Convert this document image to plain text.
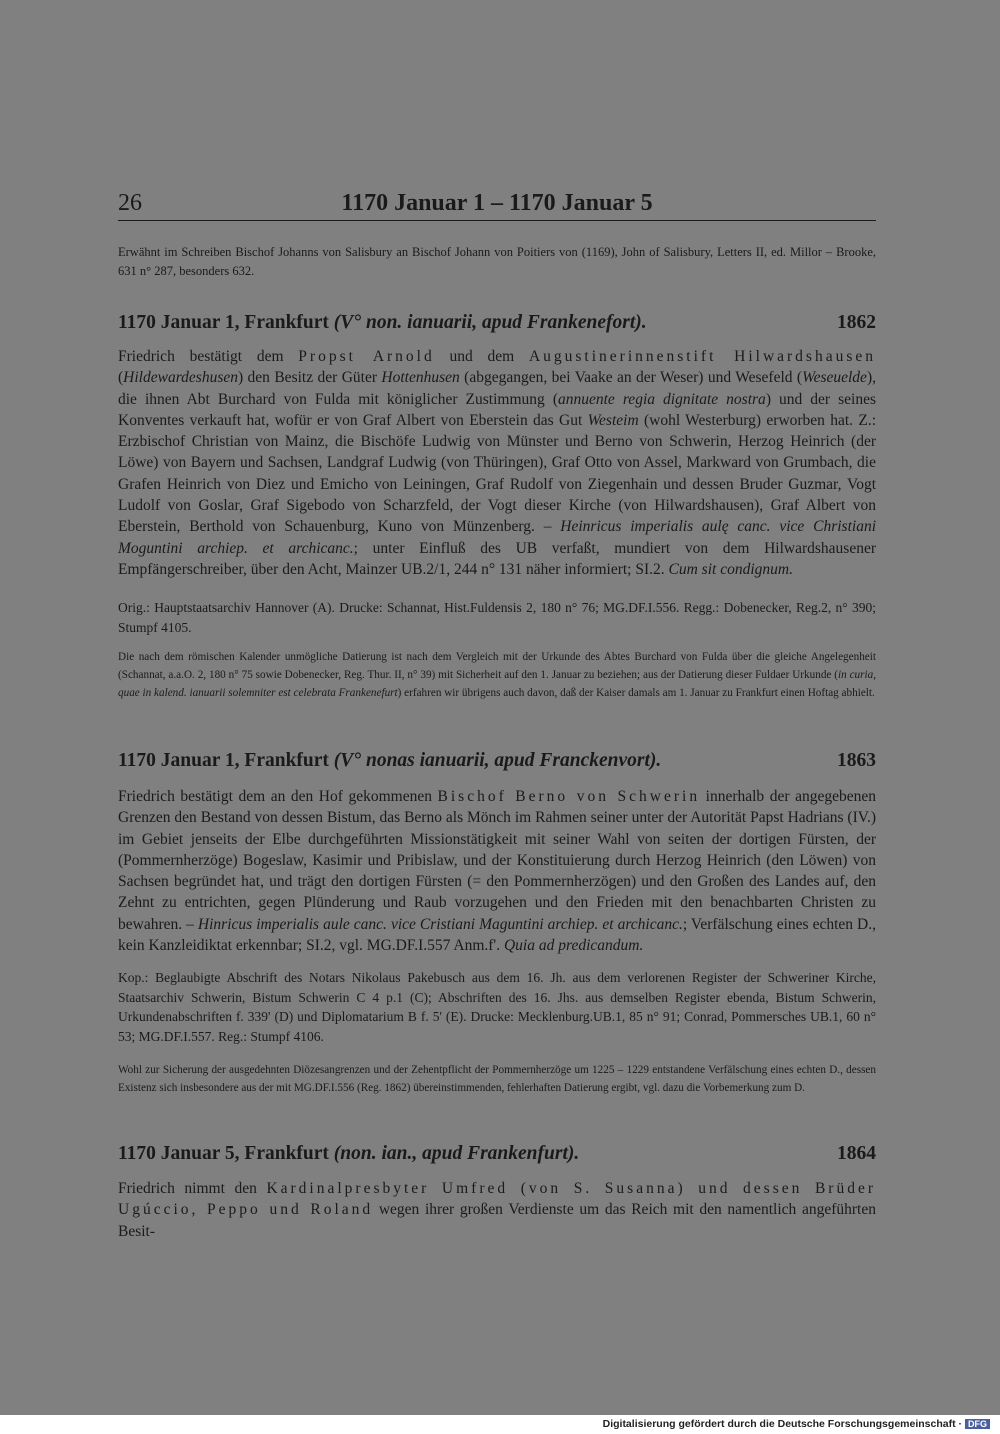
26	1170 Januar 1 – 1170 Januar 5
Erwähnt im Schreiben Bischof Johanns von Salisbury an Bischof Johann von Poitiers von (1169), John of Salisbury, Letters II, ed. Millor – Brooke, 631 n° 287, besonders 632.
1170 Januar 1, Frankfurt (V° non. ianuarii, apud Frankenefort).	1862
Friedrich bestätigt dem Propst Arnold und dem Augustinerinnenstift Hilwardshausen (Hildewardeshusen) den Besitz der Güter Hottenhusen (abgegangen, bei Vaake an der Weser) und Wesefeld (Weseuelde), die ihnen Abt Burchard von Fulda mit königlicher Zustimmung (annuente regia dignitate nostra) und der seines Konventes verkauft hat, wofür er von Graf Albert von Eberstein das Gut Westeim (wohl Westerburg) erworben hat. Z.: Erzbischof Christian von Mainz, die Bischöfe Ludwig von Münster und Berno von Schwerin, Herzog Heinrich (der Löwe) von Bayern und Sachsen, Landgraf Ludwig (von Thüringen), Graf Otto von Assel, Markward von Grumbach, die Grafen Heinrich von Diez und Emicho von Leiningen, Graf Rudolf von Ziegenhain und dessen Bruder Guzmar, Vogt Ludolf von Goslar, Graf Sigebodo von Scharzfeld, der Vogt dieser Kirche (von Hilwardshausen), Graf Albert von Eberstein, Berthold von Schauenburg, Kuno von Münzenberg. – Heinricus imperialis aulę canc. vice Christiani Moguntini archiep. et archicanc.; unter Einfluß des UB verfaßt, mundiert von dem Hilwardshausener Empfängerschreiber, über den Acht, Mainzer UB.2/1, 244 n° 131 näher informiert; SI.2. Cum sit condignum.
Orig.: Hauptstaatsarchiv Hannover (A). Drucke: Schannat, Hist.Fuldensis 2, 180 n° 76; MG.DF.I.556. Regg.: Dobenecker, Reg.2, n° 390; Stumpf 4105.
Die nach dem römischen Kalender unmögliche Datierung ist nach dem Vergleich mit der Urkunde des Abtes Burchard von Fulda über die gleiche Angelegenheit (Schannat, a.a.O. 2, 180 n° 75 sowie Dobenecker, Reg. Thur. II, n° 39) mit Sicherheit auf den 1. Januar zu beziehen; aus der Datierung dieser Fuldaer Urkunde (in curia, quae in kalend. ianuarii solemniter est celebrata Frankenefurt) erfahren wir übrigens auch davon, daß der Kaiser damals am 1. Januar zu Frankfurt einen Hoftag abhielt.
1170 Januar 1, Frankfurt (V° nonas ianuarii, apud Franckenvort).	1863
Friedrich bestätigt dem an den Hof gekommenen Bischof Berno von Schwerin innerhalb der angegebenen Grenzen den Bestand von dessen Bistum, das Berno als Mönch im Rahmen seiner unter der Autorität Papst Hadrians (IV.) im Gebiet jenseits der Elbe durchgeführten Missionstätigkeit mit seiner Wahl von seiten der dortigen Fürsten, der (Pommernherzöge) Bogeslaw, Kasimir und Pribislaw, und der Konstituierung durch Herzog Heinrich (den Löwen) von Sachsen begründet hat, und trägt den dortigen Fürsten (= den Pommernherzögen) und den Großen des Landes auf, den Zehnt zu entrichten, gegen Plünderung und Raub vorzugehen und den Frieden mit den benachbarten Christen zu bewahren. – Hinricus imperialis aule canc. vice Cristiani Maguntini archiep. et archicanc.; Verfälschung eines echten D., kein Kanzleidiktat erkennbar; SI.2, vgl. MG.DF.I.557 Anm.f'. Quia ad predicandum.
Kop.: Beglaubigte Abschrift des Notars Nikolaus Pakebusch aus dem 16. Jh. aus dem verlorenen Register der Schweriner Kirche, Staatsarchiv Schwerin, Bistum Schwerin C 4 p.1 (C); Abschriften des 16. Jhs. aus demselben Register ebenda, Bistum Schwerin, Urkundenabschriften f. 339' (D) und Diplomatarium B f. 5' (E). Drucke: Mecklenburg.UB.1, 85 n° 91; Conrad, Pommersches UB.1, 60 n° 53; MG.DF.I.557. Reg.: Stumpf 4106.
Wohl zur Sicherung der ausgedehnten Diözesangrenzen und der Zehentpflicht der Pommernherzöge um 1225 – 1229 entstandene Verfälschung eines echten D., dessen Existenz sich insbesondere aus der mit MG.DF.I.556 (Reg. 1862) übereinstimmenden, fehlerhaften Datierung ergibt, vgl. dazu die Vorbemerkung zum D.
1170 Januar 5, Frankfurt (non. ian., apud Frankenfurt).	1864
Friedrich nimmt den Kardinalpresbyter Umfred (von S. Susanna) und dessen Brüder Ugúccio, Peppo und Roland wegen ihrer großen Verdienste um das Reich mit den namentlich angeführten Besit-
Digitalisierung gefördert durch die Deutsche Forschungsgemeinschaft · DFG
